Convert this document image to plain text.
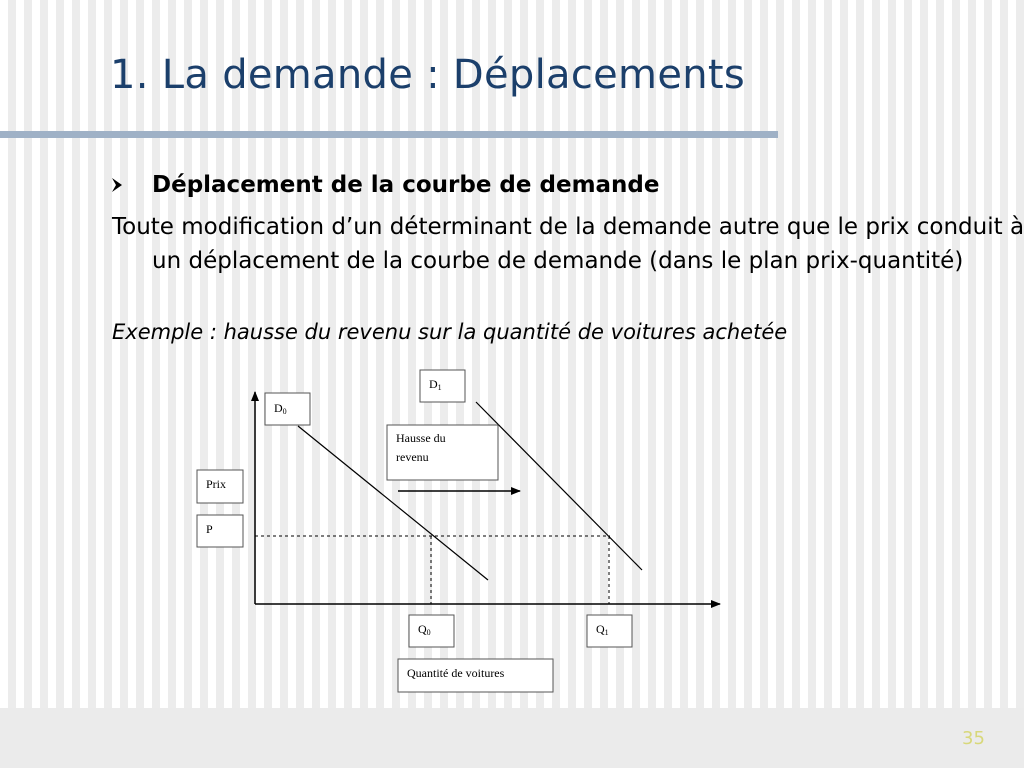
1. La demande : Déplacements
Déplacement de la courbe de demande
Toute modification d’un déterminant de la demande autre que le prix conduit à un déplacement de la courbe de demande (dans le plan prix-quantité)
Exemple : hausse du revenu sur la quantité de voitures achetée
D0
D1
Hausse du
revenu
Prix
P
Q0	Q1
Quantité de voitures
35
